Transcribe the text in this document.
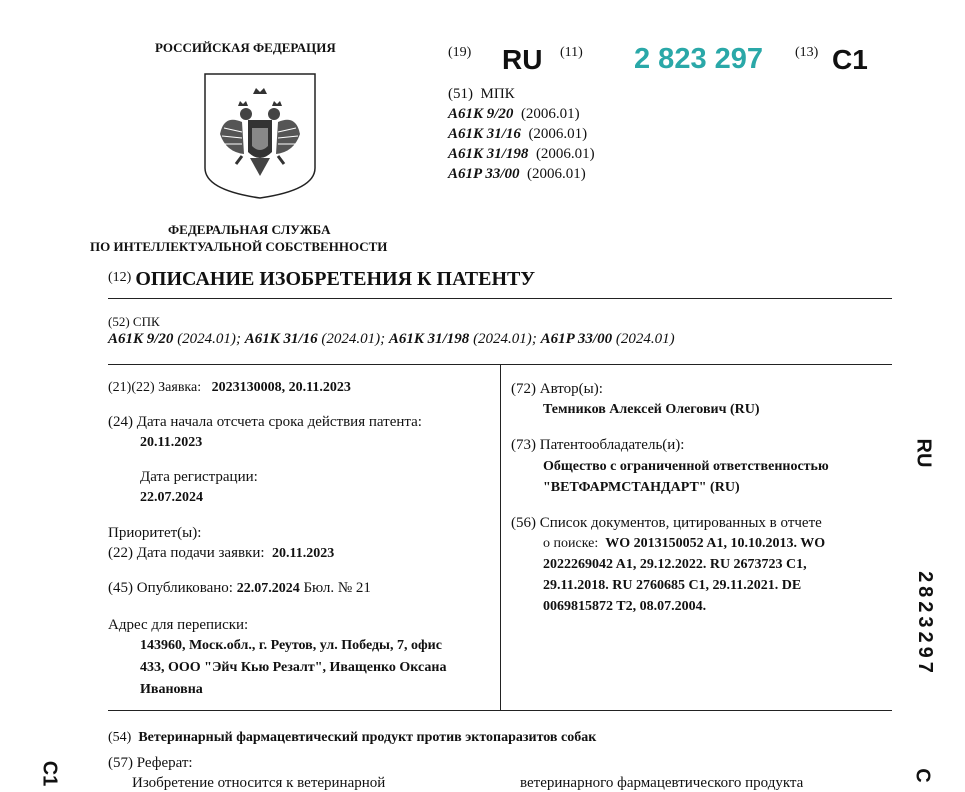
РОССИЙСКАЯ ФЕДЕРАЦИЯ
ФЕДЕРАЛЬНАЯ СЛУЖБА
ПО ИНТЕЛЛЕКТУАЛЬНОЙ СОБСТВЕННОСТИ
(19) RU (11) 2 823 297 (13) C1
(51) МПК
A61K 9/20 (2006.01)
A61K 31/16 (2006.01)
A61K 31/198 (2006.01)
A61P 33/00 (2006.01)
(12) ОПИСАНИЕ ИЗОБРЕТЕНИЯ К ПАТЕНТУ
(52) СПК
A61K 9/20 (2024.01); A61K 31/16 (2024.01); A61K 31/198 (2024.01); A61P 33/00 (2024.01)
(21)(22) Заявка: 2023130008, 20.11.2023
(24) Дата начала отсчета срока действия патента:
20.11.2023
Дата регистрации:
22.07.2024
Приоритет(ы):
(22) Дата подачи заявки: 20.11.2023
(45) Опубликовано: 22.07.2024 Бюл. № 21
Адрес для переписки:
143960, Моск.обл., г. Реутов, ул. Победы, 7, офис
433, ООО "Эйч Кью Резалт", Иващенко Оксана
Ивановна
(72) Автор(ы):
Темников Алексей Олегович (RU)
(73) Патентообладатель(и):
Общество с ограниченной ответственностью
"ВЕТФАРМСТАНДАРТ" (RU)
(56) Список документов, цитированных в отчете
о поиске: WO 2013150052 A1, 10.10.2013. WO
2022269042 A1, 29.12.2022. RU 2673723 C1,
29.11.2018. RU 2760685 C1, 29.11.2021. DE
0069815872 T2, 08.07.2004.
(54) Ветеринарный фармацевтический продукт против эктопаразитов собак
(57) Реферат:
Изобретение относится к ветеринарной	ветеринарного фармацевтического продукта
RU
2823297
C
C1
